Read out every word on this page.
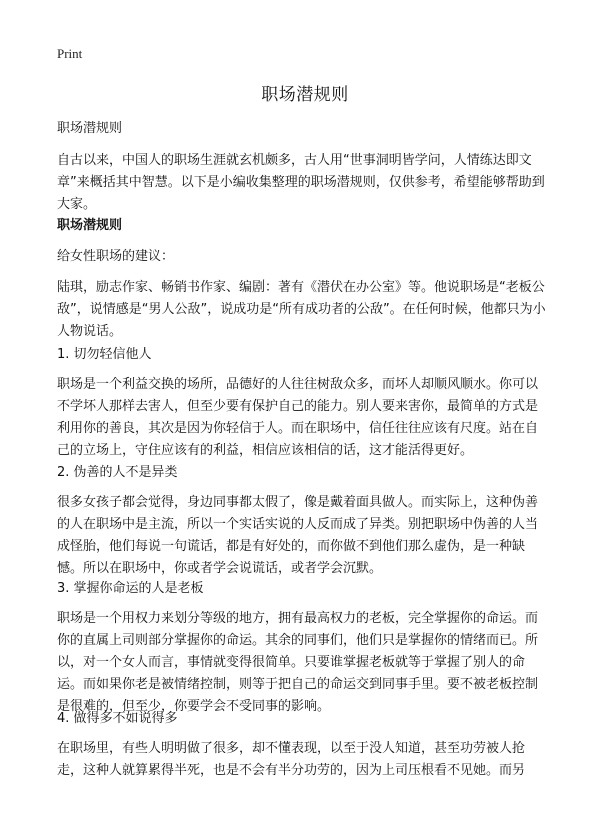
Print
职场潜规则

职场潜规则

自古以来，中国人的职场生涯就玄机颇多，古人用“世事洞明皆学问，人情练达即文章”来概括其中智慧。以下是小编收集整理的职场潜规则，仅供参考，希望能够帮助到大家。

职场潜规则

给女性职场的建议：

陆琪，励志作家、畅销书作家、编剧：著有《潜伏在办公室》等。他说职场是“老板公敌”，说情感是“男人公敌”，说成功是“所有成功者的公敌”。在任何时候，他都只为小人物说话。

1. 切勿轻信他人

职场是一个利益交换的场所，品德好的人往往树敌众多，而坏人却顺风顺水。你可以不学坏人那样去害人，但至少要有保护自己的能力。别人要来害你，最简单的方式是利用你的善良，其次是因为你轻信于人。而在职场中，信任往往应该有尺度。站在自己的立场上，守住应该有的利益，相信应该相信的话，这才能活得更好。

2. 伪善的人不是异类

很多女孩子都会觉得，身边同事都太假了，像是戴着面具做人。而实际上，这种伪善的人在职场中是主流，所以一个实话实说的人反而成了异类。别把职场中伪善的人当成怪胎，他们每说一句谎话，都是有好处的，而你做不到他们那么虚伪，是一种缺憾。所以在职场中，你或者学会说谎话，或者学会沉默。

3. 掌握你命运的人是老板

职场是一个用权力来划分等级的地方，拥有最高权力的老板，完全掌握你的命运。而你的直属上司则部分掌握你的命运。其余的同事们，他们只是掌握你的情绪而已。所以，对一个女人而言，事情就变得很简单。只要谁掌握老板就等于掌握了别人的命运。而如果你老是被情绪控制，则等于把自己的命运交到同事手里。要不被老板控制是很难的，但至少，你要学会不受同事的影响。

4. 做得多不如说得多

在职场里，有些人明明做了很多，却不懂表现，以至于没人知道，甚至功劳被人抢走，这种人就算累得半死，也是不会有半分功劳的，因为上司压根看不见她。而另
